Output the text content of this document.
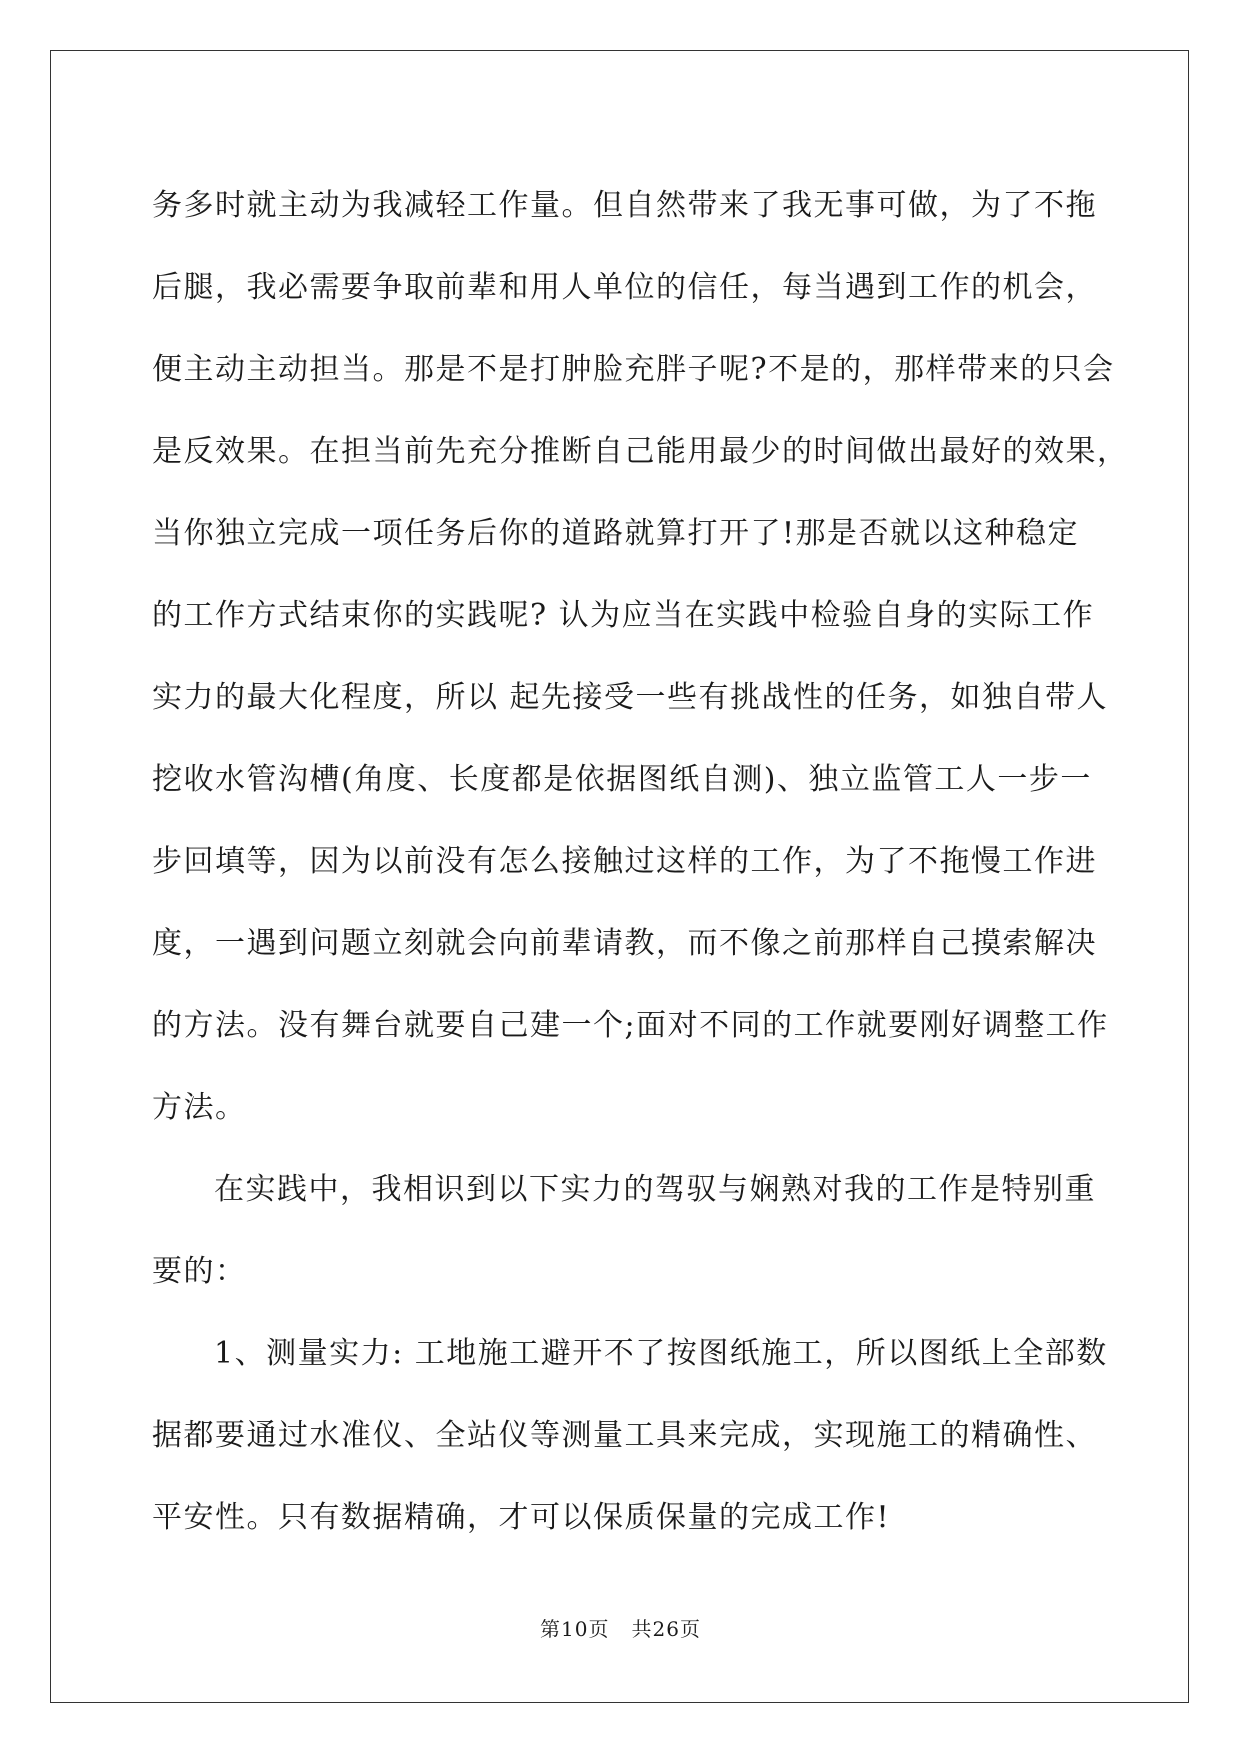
务多时就主动为我减轻工作量。但自然带来了我无事可做，为了不拖
后腿，我必需要争取前辈和用人单位的信任，每当遇到工作的机会，
便主动主动担当。那是不是打肿脸充胖子呢?不是的，那样带来的只会
是反效果。在担当前先充分推断自己能用最少的时间做出最好的效果，
当你独立完成一项任务后你的道路就算打开了!那是否就以这种稳定
的工作方式结束你的实践呢? 认为应当在实践中检验自身的实际工作
实力的最大化程度，所以 起先接受一些有挑战性的任务，如独自带人
挖收水管沟槽(角度、长度都是依据图纸自测)、独立监管工人一步一
步回填等，因为以前没有怎么接触过这样的工作，为了不拖慢工作进
度，一遇到问题立刻就会向前辈请教，而不像之前那样自己摸索解决
的方法。没有舞台就要自己建一个;面对不同的工作就要刚好调整工作
方法。
在实践中，我相识到以下实力的驾驭与娴熟对我的工作是特别重
要的：
1、测量实力: 工地施工避开不了按图纸施工，所以图纸上全部数
据都要通过水准仪、全站仪等测量工具来完成，实现施工的精确性、
平安性。只有数据精确，才可以保质保量的完成工作!
第10页 共26页
